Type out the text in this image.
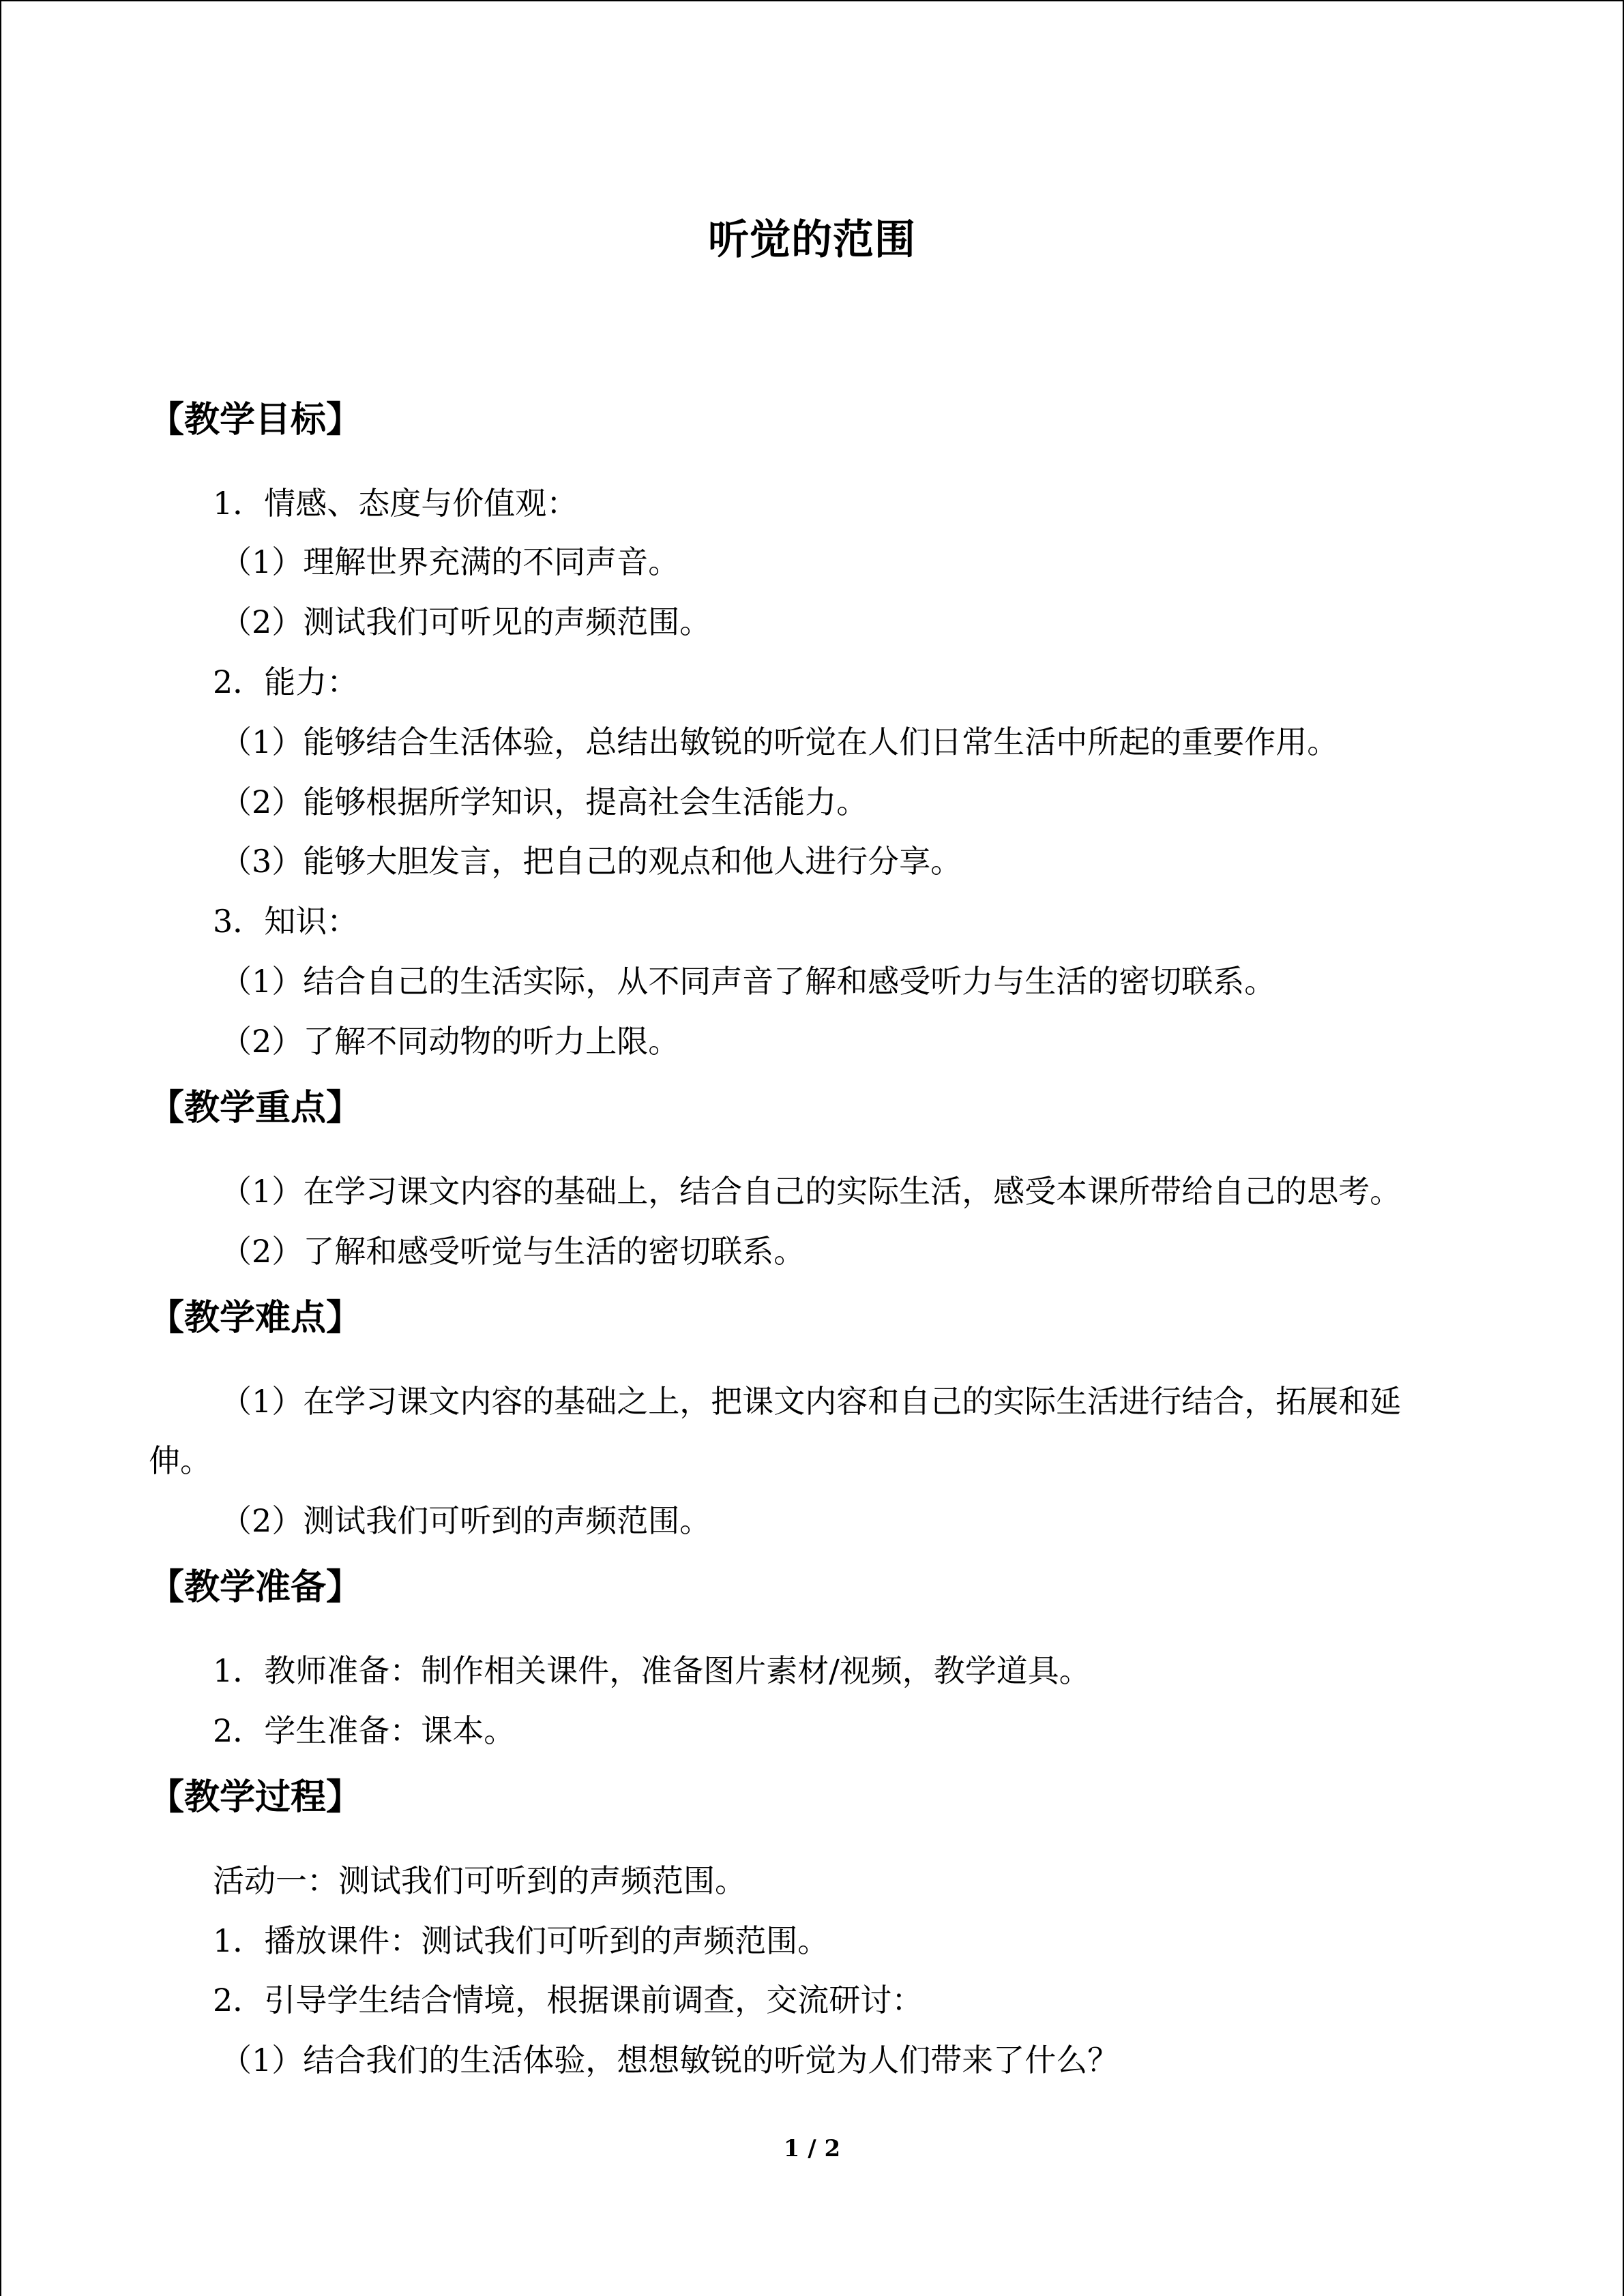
听觉的范围
【教学目标】
1．情感、态度与价值观：
（1）理解世界充满的不同声音。
（2）测试我们可听见的声频范围。
2．能力：
（1）能够结合生活体验，总结出敏锐的听觉在人们日常生活中所起的重要作用。
（2）能够根据所学知识，提高社会生活能力。
（3）能够大胆发言，把自己的观点和他人进行分享。
3．知识：
（1）结合自己的生活实际，从不同声音了解和感受听力与生活的密切联系。
（2）了解不同动物的听力上限。
【教学重点】
（1）在学习课文内容的基础上，结合自己的实际生活，感受本课所带给自己的思考。
（2）了解和感受听觉与生活的密切联系。
【教学难点】
（1）在学习课文内容的基础之上，把课文内容和自己的实际生活进行结合，拓展和延
伸。
（2）测试我们可听到的声频范围。
【教学准备】
1．教师准备：制作相关课件，准备图片素材/视频，教学道具。
2．学生准备：课本。
【教学过程】
活动一：测试我们可听到的声频范围。
1．播放课件：测试我们可听到的声频范围。
2．引导学生结合情境，根据课前调查，交流研讨：
（1）结合我们的生活体验，想想敏锐的听觉为人们带来了什么？
1 / 2
